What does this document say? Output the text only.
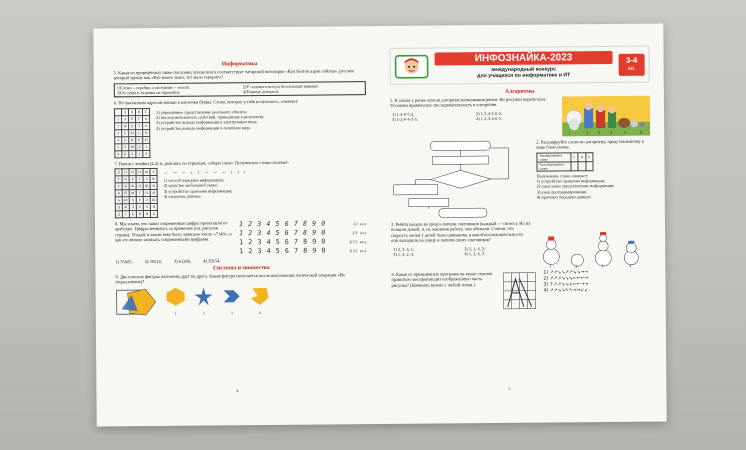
Информатика
5. Какая из приведённых ниже пословиц лучше всего соответствует татарской поговорке «Күп белгән азрак сөйләр», русское которой звучит как «Кто много знает, тот мало говорит»?
1)Слово – серебро, а молчание – золото.	2)У сильного всегда бессильный виноват.
3)От сумы и тюрьмы не зарекайся.	4)Умному доверься.
6. По указанным адресам впиши в клеточки буквы. Слово, которое у тебя получилось, означает:
	А	Б	В	Г
1	Э	Р	Г	А
2	Ф	О	Т	Л
3	Е	Ы	С	П
4	Ц	И	Р	Н
5	У	М	Д	З
6	К	Б	А	Х
1) упрощённое представление реального объекта;
2) последовательность действий, приводящая к результату;
3) устройства вывода информации в электронном виде;
4) устройства вывода информации в печатном виде.
7. Начни с ячейки (4,4) и, двигаясь по стрелкам, собери слово. Полученное слово означает:
Д	П	И	Н	Ы	У
Т	В	Р	Т	З	К
Е	К	Ф	И	Щ	Н
Я	Й	М	Г	П	Я
Ь	Ю	А	Р	Э	Ш
Ц	Ж	Л	О	Ч	Я
Д	С	Б	Н	Н	А
← → ← ↓ ↓ → ← ← ↓ ↓ ↓
1) способ передачи информации;
2) средство мобильной связи;
3) устройство хранения информации;
4) сведения, данные.
8. Мы знаем, что наши современные цифры произошли от арабских. Цифры менялись со временем (см. рисунок справа). Угадай, в каком веке было записано число «7148», и как его можно записать современными цифрами.
1 2 3 4 5 6 7 8 9 0	XI век
1 2 3 4 5 6 7 8 9 0	XV век
1 2 3 4 5 6 7 8 9 0	XVI век
1 2 3 4 5 6 7 8 9 0	XXI век
1) 35685,	2) 36518,	3) 61286;	4) 39154.
Системы и множества
9. Две плоские фигуры наложены друг на друга. Какая фигура получается после выполнения логической операции «И» (пересечение)?
1	2	3	4
4
ИНФОЗНАЙКА-2023
международный конкурс
для учащихся по информатике и ИТ
3-4
кл.
Алгоритмы
1. В сказке о репке описан алгоритм вытягивания репки. Но рисунки перепутали. Установи правильную последовательность в алгоритме.
1) 1-4-6-5-2,	2) 1-3-4-5-6-2;
3) 1-2-6-4-3-5,	4) 1-2-3-4-6-5.
1	2 3 4	5	6
2. Расшифруйте слово по алгоритму, представленному в виде блок-схемы.
Закодированное слово	С	Н	Р
Раскодированное слово			
Полученное слово означает:
1) устройство хранения информации;
2) смысловое представление информации;
3) язык программирования;
4) протокол передачи данных.
3. Ребята вышли во двор и лепили снеговиков (каждый — своего). Но их позвали домой, и, не закончив работу, они убежали. Считая, что скорость лепки у детей была одинакова, в какой последовательности они выходили на улицу и лепили своих снеговиков?
1) 2, 3, 4, 1;	2) 3, 1, 4, 2;
3) 1, 4, 2, 3;	4) 1, 2, 4, 3.
1	2	3	4
4. Какая из приведённых программ на языке стрелок правильно воспроизводит изображённую часть рисунка? (Начинать можно с любой точки.)
1) ↗↗↘↘↗↗↘↘→→
2) ↗↗↗↘↘↘←←←→
3) ↑↗↗↘↘↓←←→→
4) ↗↗↘↘↖↖→→↙↙
5
